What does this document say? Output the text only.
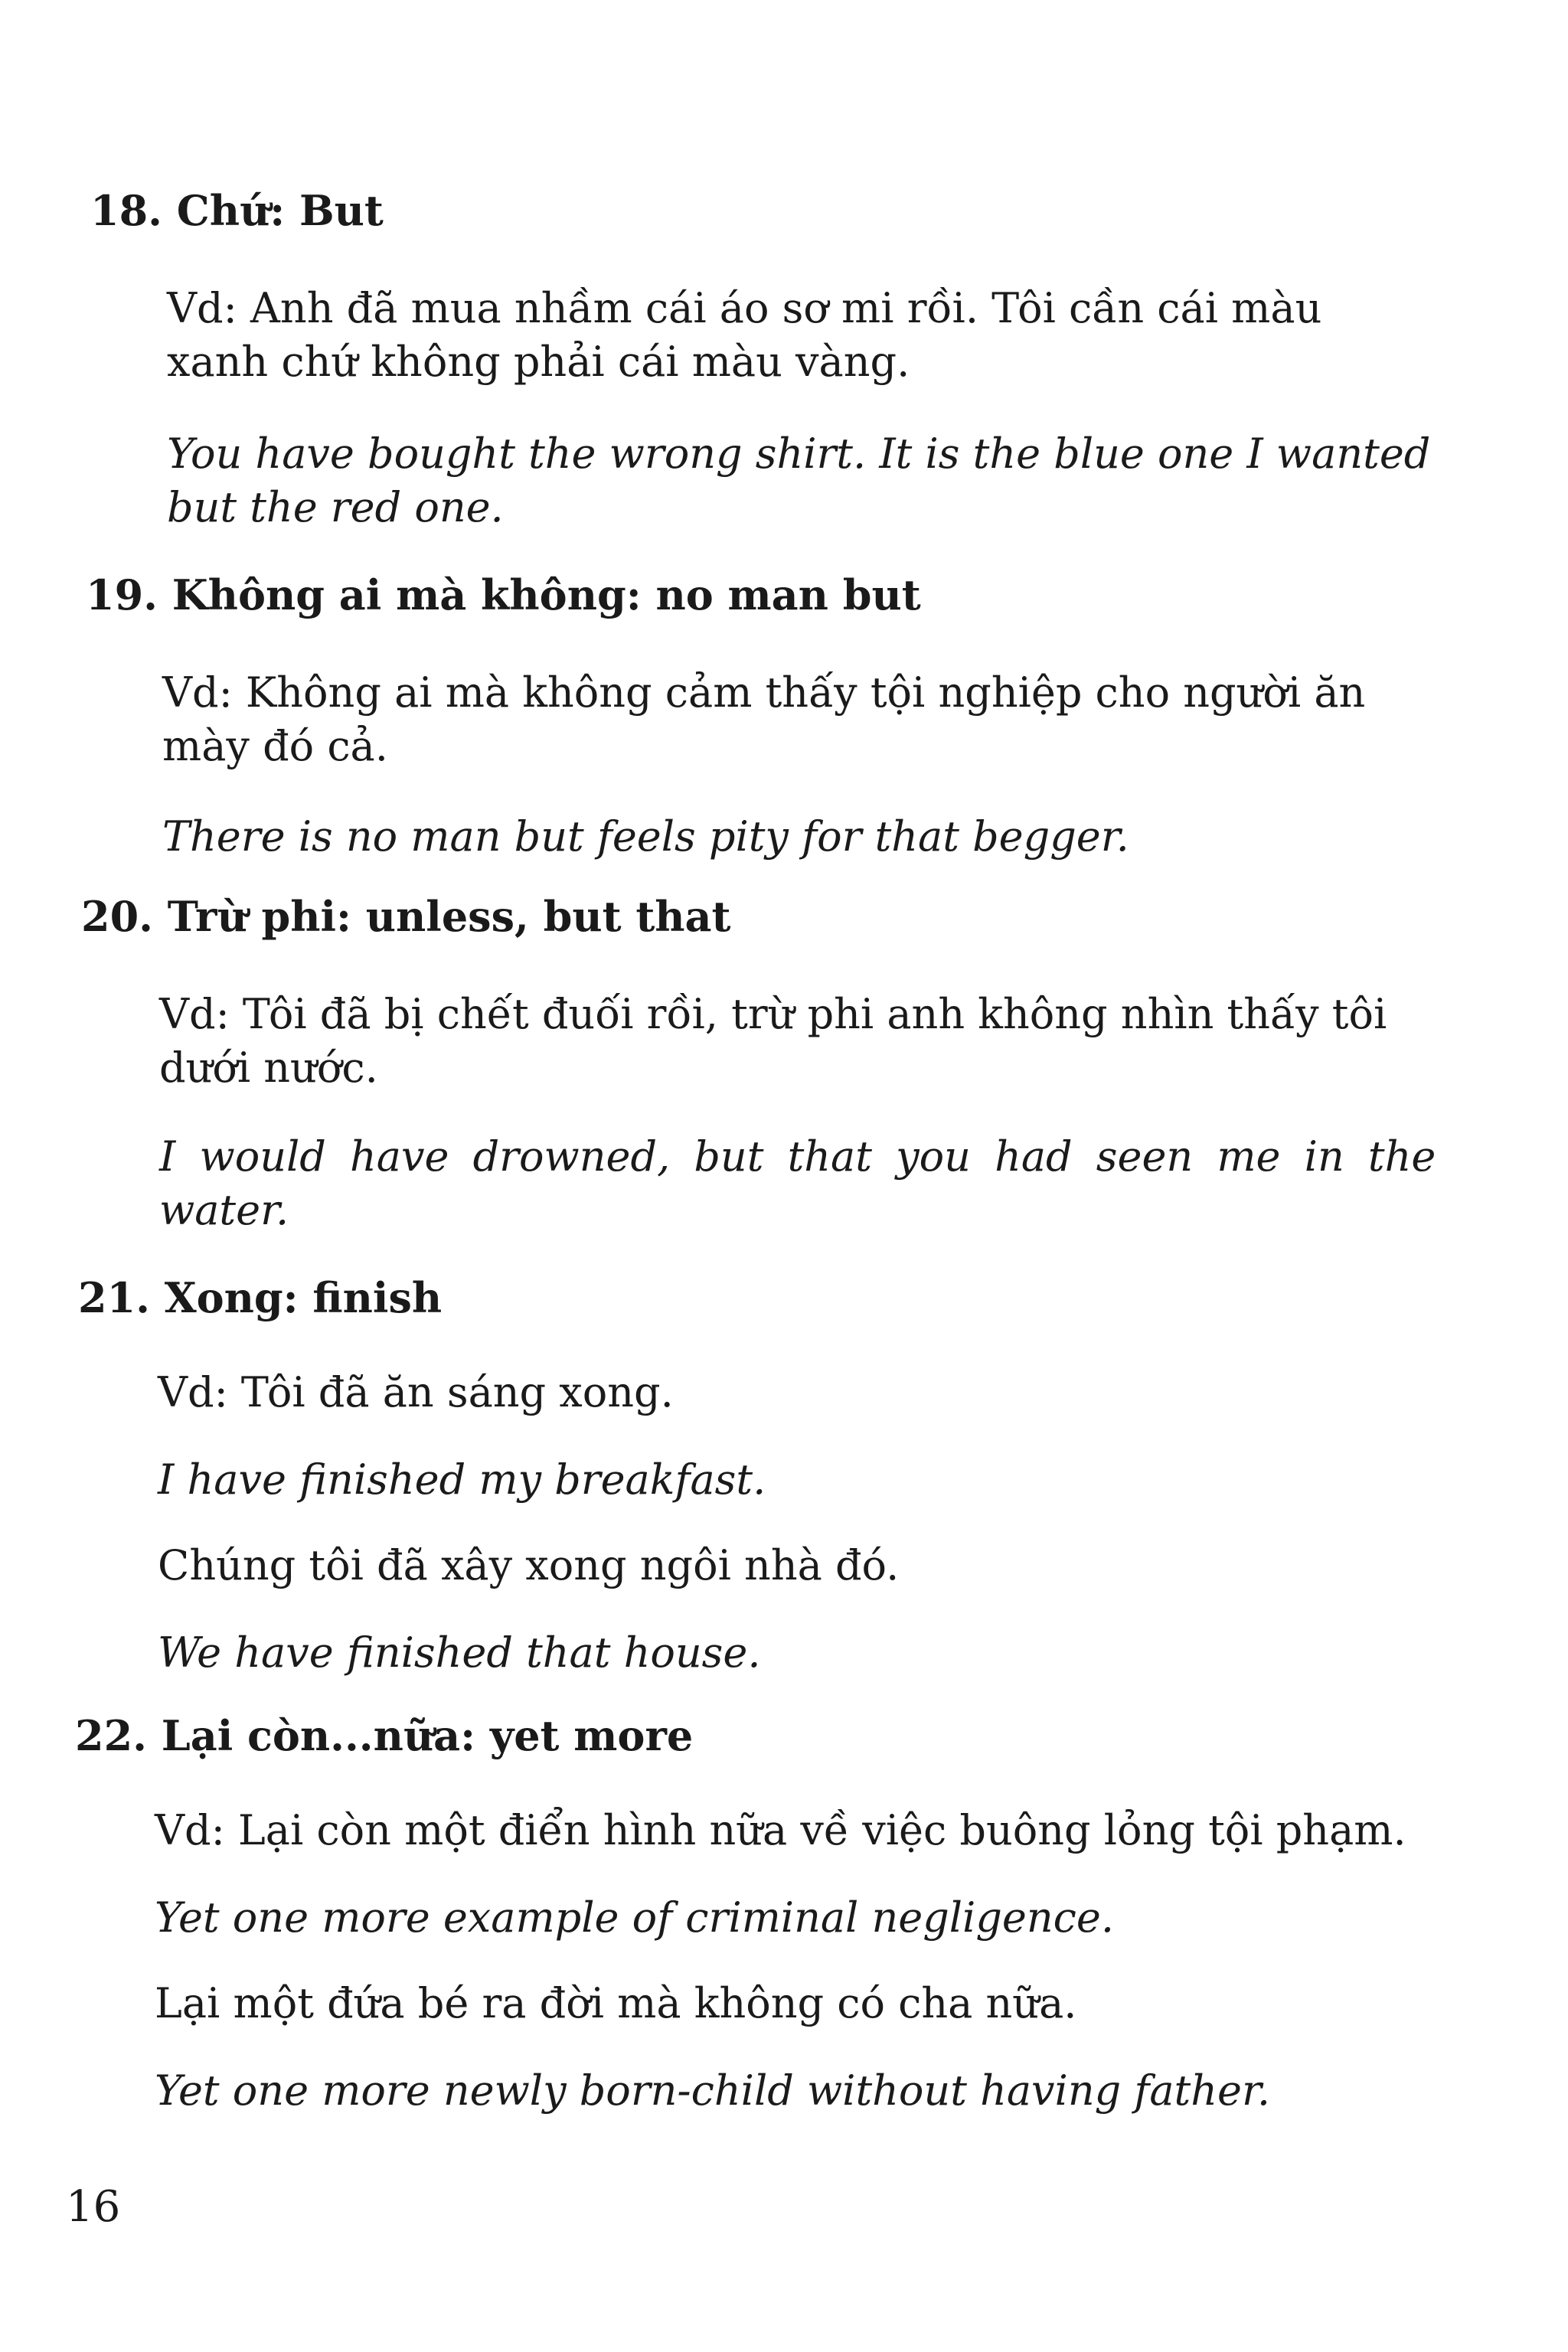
18. Chứ: But
Vd: Anh đã mua nhầm cái áo sơ mi rồi. Tôi cần cái màu
xanh chứ không phải cái màu vàng.
You have bought the wrong shirt. It is the blue one I wanted
but the red one.
19. Không ai mà không: no man but
Vd: Không ai mà không cảm thấy tội nghiệp cho người ăn
mày đó cả.
There is no man but feels pity for that begger.
20. Trừ phi: unless, but that
Vd: Tôi đã bị chết đuối rồi, trừ phi anh không nhìn thấy tôi
dưới nước.
I would have drowned, but that you had seen me in the
water.
21. Xong: finish
Vd: Tôi đã ăn sáng xong.
I have finished my breakfast.
Chúng tôi đã xây xong ngôi nhà đó.
We have finished that house.
22. Lại còn...nữa: yet more
Vd: Lại còn một điển hình nữa về việc buông lỏng tội phạm.
Yet one more example of criminal negligence.
Lại một đứa bé ra đời mà không có cha nữa.
Yet one more newly born-child without having father.
16
